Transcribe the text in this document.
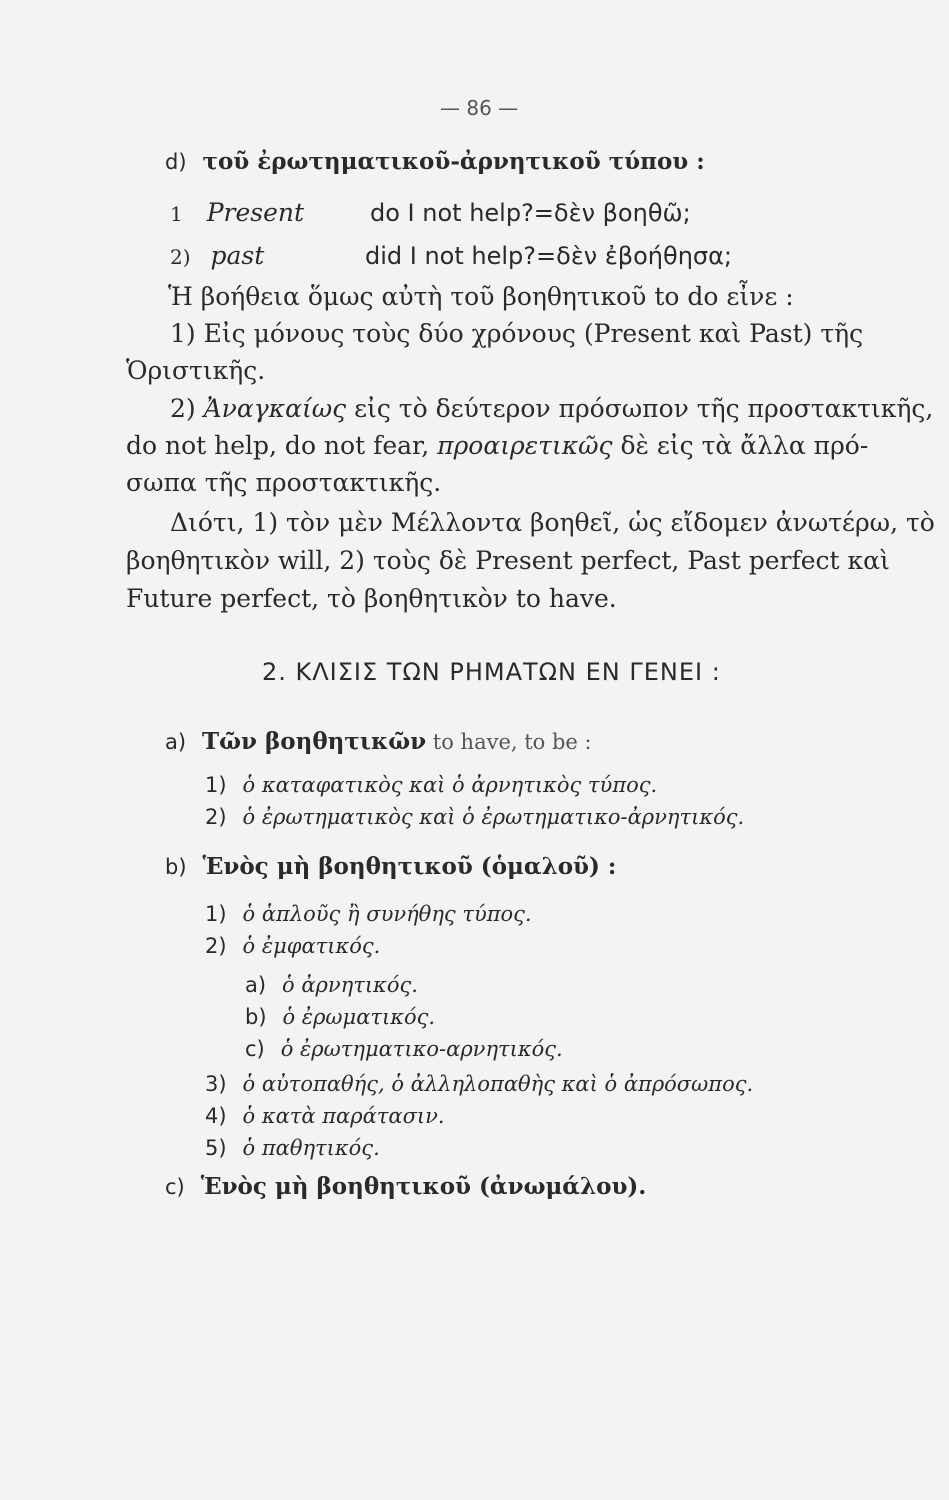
— 86 —
d) τοῦ ἐρωτηματικοῦ-ἀρνητικοῦ τύπου :
1 Present	do I not help?=δὲν βοηθῶ;
2) past	did I not help?=δὲν ἐβοήθησα;
Ἡ βοήθεια ὅμως αὐτὴ τοῦ βοηθητικοῦ to do εἶνε :
1) Εἰς μόνους τοὺς δύο χρόνους (Present καὶ Past) τῆς
Ὁριστικῆς.
2) Ἀναγκαίως εἰς τὸ δεύτερον πρόσωπον τῆς προστακτικῆς,
do not help, do not fear, προαιρετικῶς δὲ εἰς τὰ ἄλλα πρό-
σωπα τῆς προστακτικῆς.
Διότι, 1) τὸν μὲν Μέλλοντα βοηθεῖ, ὡς εἴδομεν ἀνωτέρω, τὸ
βοηθητικὸν will, 2) τοὺς δὲ Present perfect, Past perfect καὶ
Future perfect, τὸ βοηθητικὸν to have.
2. ΚΛΙΣΙΣ ΤΩΝ ΡΗΜΑΤΩΝ ΕΝ ΓΕΝΕΙ :
a) Τῶν βοηθητικῶν to have, to be :
1) ὁ καταφατικὸς καὶ ὁ ἀρνητικὸς τύπος.
2) ὁ ἐρωτηματικὸς καὶ ὁ ἐρωτηματικο-ἀρνητικός.
b) Ἑνὸς μὴ βοηθητικοῦ (ὁμαλοῦ) :
1) ὁ ἁπλοῦς ἢ συνήθης τύπος.
2) ὁ ἐμφατικός.
a) ὁ ἀρνητικός.
b) ὁ ἐρωματικός.
c) ὁ ἐρωτηματικο-αρνητικός.
3) ὁ αὐτοπαθής, ὁ ἀλληλοπαθὴς καὶ ὁ ἀπρόσωπος.
4) ὁ κατὰ παράτασιν.
5) ὁ παθητικός.
c) Ἑνὸς μὴ βοηθητικοῦ (ἀνωμάλου).
